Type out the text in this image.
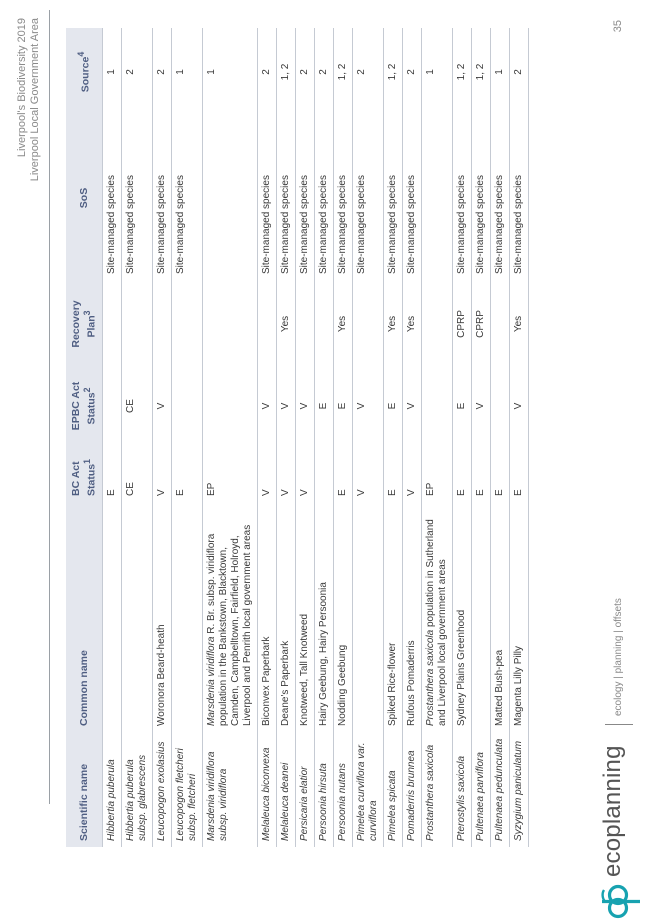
Liverpool's Biodiversity 2019 Liverpool Local Government Area
Scientific name	Common name	BC Act Status$^1$	EPBC Act Status$^2$	Recovery Plan$^3$	SoS	Source$^4$
Hibbertia puberula		E			Site-managed species	1
Hibbertia puberula subsp. glabrescens		CE	CE		Site-managed species	2
Leucopogon exolasius	Woronora Beard-heath	V	V		Site-managed species	2
Leucopogon fletcheri subsp. fletcheri		E			Site-managed species	1
Marsdenia viridiflora subsp. viridiflora	Marsdenia viridiflora R. Br. subsp. viridiflora population in the Bankstown, Blacktown, Camden, Campbelltown, Fairfield, Holroyd, Liverpool and Penrith local government areas	EP				1
Melaleuca biconvexa	Biconvex Paperbark	V	V		Site-managed species	2
Melaleuca deanei	Deane's Paperbark	V	V	Yes	Site-managed species	1, 2
Persicaria elatior	Knotweed, Tall Knotweed	V	V		Site-managed species	2
Persoonia hirsuta	Hairy Geebung, Hairy Persoonia		E		Site-managed species	2
Persoonia nutans	Nodding Geebung	E	E	Yes	Site-managed species	1, 2
Pimelea curviflora var. curviflora		V	V		Site-managed species	2
Pimelea spicata	Spiked Rice-flower	E	E	Yes	Site-managed species	1, 2
Pomaderris brunnea	Rufous Pomaderris	V	V	Yes	Site-managed species	2
Prostanthera saxicola	Prostanthera saxicola population in Sutherland and Liverpool local government areas	EP				1
Pterostylis saxicola	Sydney Plains Greenhood	E	E	CPRP	Site-managed species	1, 2
Pultenaea parviflora		E	V	CPRP	Site-managed species	1, 2
Pultenaea pedunculata	Matted Bush-pea	E			Site-managed species	1
Syzygium paniculatum	Magenta Lilly Pilly	E	V	Yes	Site-managed species	2
ecoplanning
ecology | planning | offsets
35
